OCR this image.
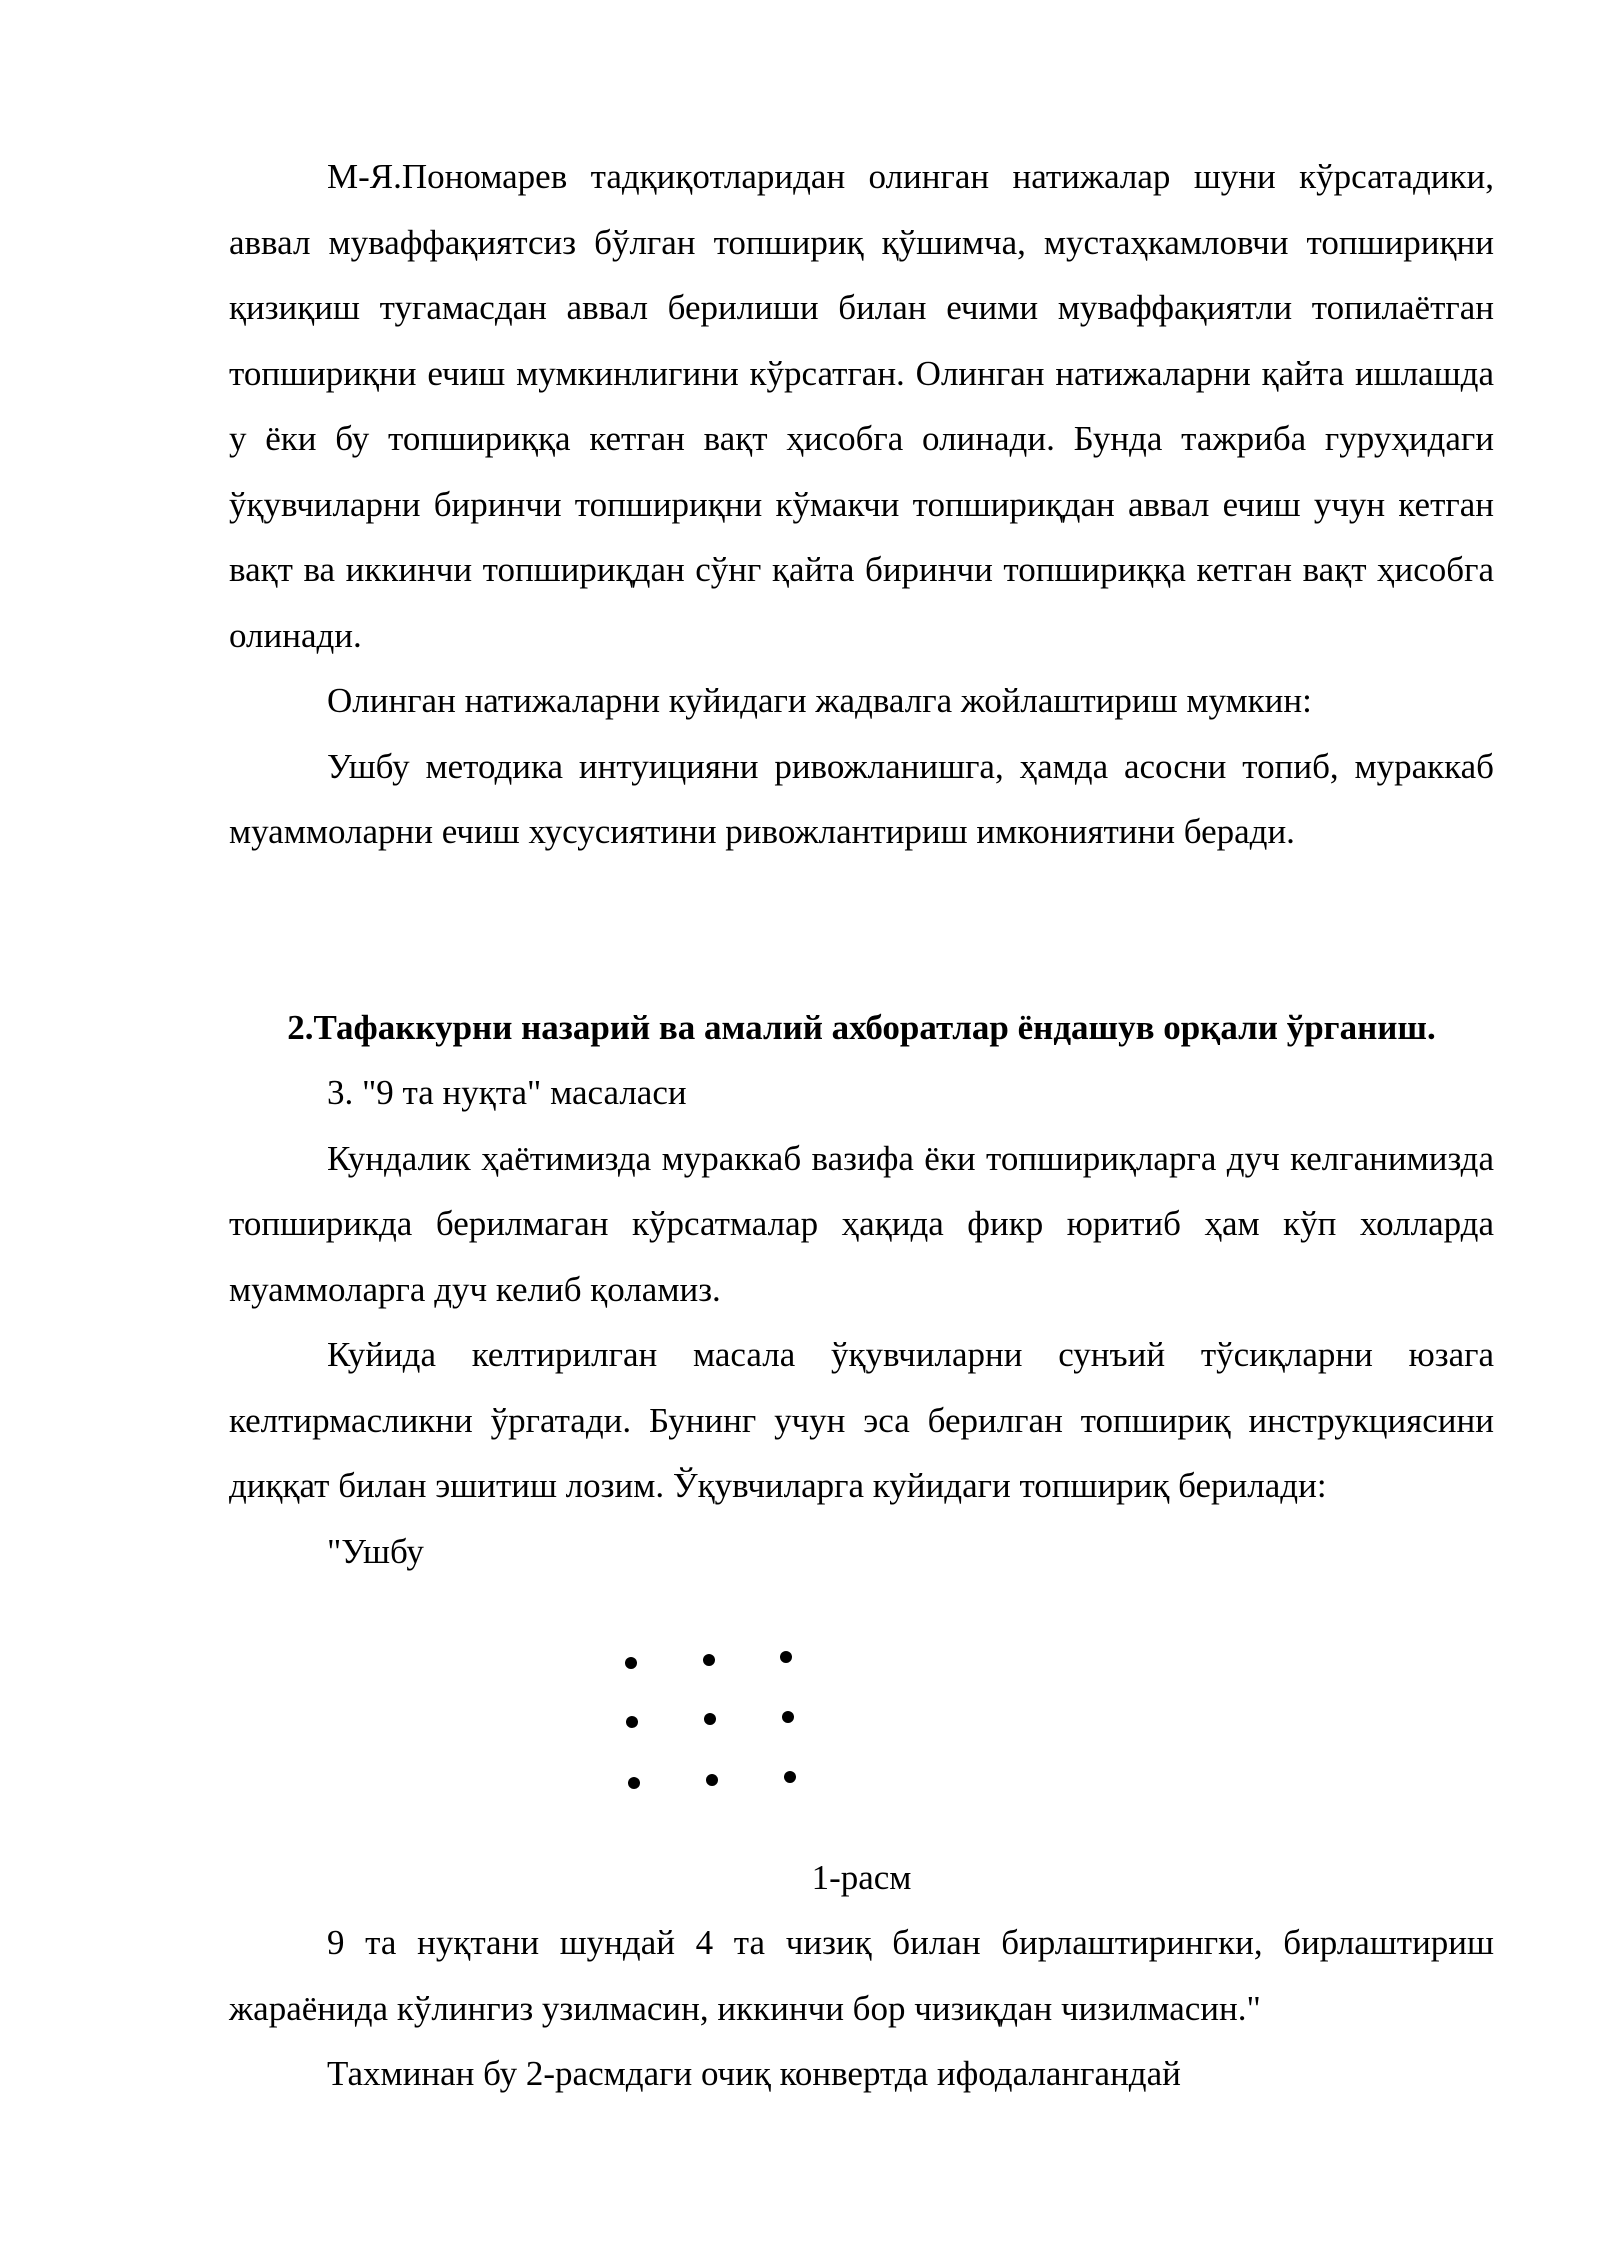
М-Я.Пономарев тадқиқотларидан олинган натижалар шуни кўрсатадики, аввал муваффақиятсиз бўлган топшириқ қўшимча, мустаҳкамловчи топшириқни қизиқиш тугамасдан аввал берилиши билан ечими муваффақиятли топилаётган топшириқни ечиш мумкинлигини кўрсатган. Олинган натижаларни қайта ишлашда у ёки бу топшириққа кетган вақт ҳисобга олинади. Бунда тажриба гуруҳидаги ўқувчиларни биринчи топшириқни кўмакчи топшириқдан аввал ечиш учун кетган вақт ва иккинчи топшириқдан сўнг қайта биринчи топшириққа кетган вақт ҳисобга олинади.

Олинган натижаларни куйидаги жадвалга жойлаштириш мумкин:

Ушбу методика интуицияни ривожланишга, ҳамда асосни топиб, мураккаб муаммоларни ечиш хусусиятини ривожлантириш имкониятини беради.

2.Тафаккурни назарий ва амалий ахборатлар ёндашув орқали ўрганиш.

3. "9 та нуқта" масаласи

Кундалик ҳаётимизда мураккаб вазифа ёки топшириқларга дуч келганимизда топширикда берилмаган кўрсатмалар ҳақида фикр юритиб ҳам кўп холларда муаммоларга дуч келиб қоламиз.

Куйида келтирилган масала ўқувчиларни сунъий тўсиқларни юзага келтирмасликни ўргатади. Бунинг учун эса берилган топшириқ инструкциясини диққат билан эшитиш лозим. Ўқувчиларга куйидаги топшириқ берилади:

"Ушбу

1-расм

9 та нуқтани шундай 4 та чизиқ билан бирлаштирингки, бирлаштириш жараёнида кўлингиз узилмасин, иккинчи бор чизиқдан чизилмасин."

Тахминан бу 2-расмдаги очиқ конвертда ифодалангандай
